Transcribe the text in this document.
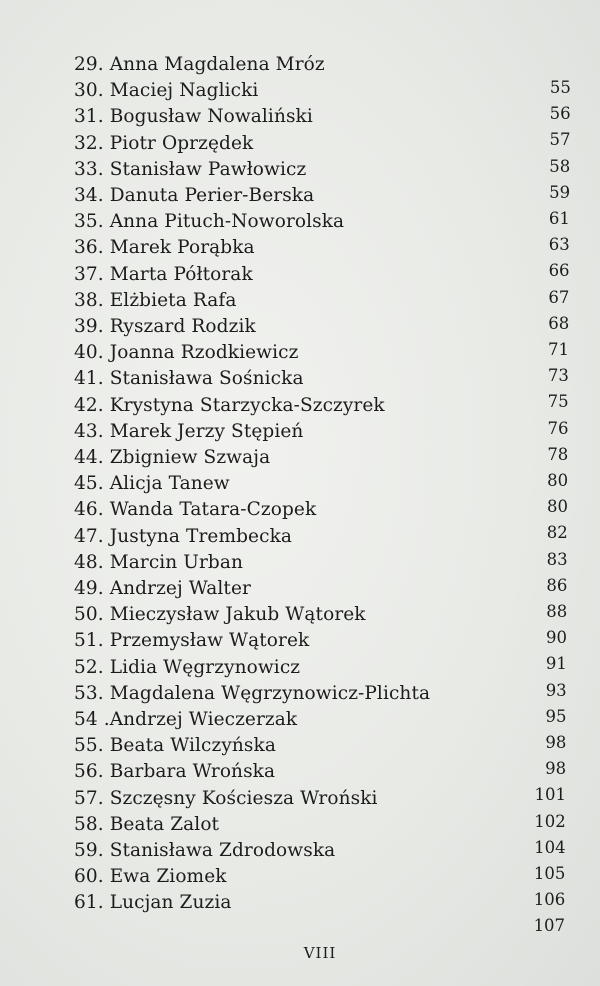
29. Anna Magdalena Mróz
30. Maciej Naglicki	55
31. Bogusław Nowaliński	56
32. Piotr Oprzędek	57
33. Stanisław Pawłowicz	58
34. Danuta Perier-Berska	59
35. Anna Pituch-Noworolska	61
36. Marek Porąbka	63
37. Marta Półtorak	66
38. Elżbieta Rafa	67
39. Ryszard Rodzik	68
40. Joanna Rzodkiewicz	71
41. Stanisława Sośnicka	73
42. Krystyna Starzycka-Szczyrek	75
43. Marek Jerzy Stępień	76
44. Zbigniew Szwaja	78
45. Alicja Tanew	80
46. Wanda Tatara-Czopek	80
47. Justyna Trembecka	82
48. Marcin Urban	83
49. Andrzej Walter	86
50. Mieczysław Jakub Wątorek	88
51. Przemysław Wątorek	90
52. Lidia Węgrzynowicz	91
53. Magdalena Węgrzynowicz-Plichta	93
54 .Andrzej Wieczerzak	95
55. Beata Wilczyńska	98
56. Barbara Wrońska	98
57. Szczęsny Kościesza Wroński	101
58. Beata Zalot	102
59. Stanisława Zdrodowska	104
60. Ewa Ziomek	105
61. Lucjan Zuzia	106
107
VIII
